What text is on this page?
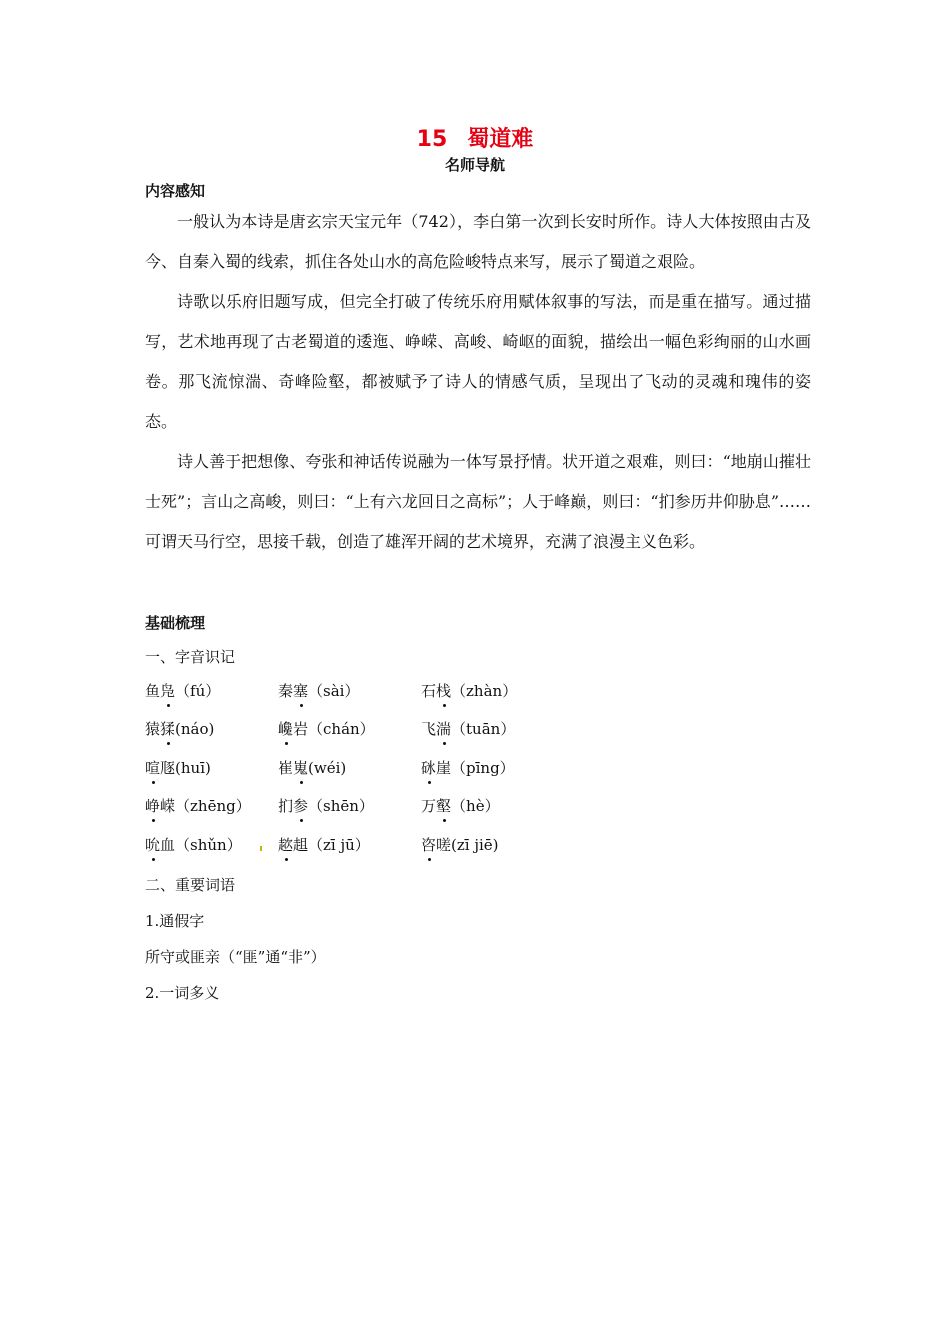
15 蜀道难
名师导航
内容感知

一般认为本诗是唐玄宗天宝元年（742），李白第一次到长安时所作。诗人大体按照由古及今、自秦入蜀的线索，抓住各处山水的高危险峻特点来写，展示了蜀道之艰险。

诗歌以乐府旧题写成，但完全打破了传统乐府用赋体叙事的写法，而是重在描写。通过描写，艺术地再现了古老蜀道的逶迤、峥嵘、高峻、崎岖的面貌，描绘出一幅色彩绚丽的山水画卷。那飞流惊湍、奇峰险壑，都被赋予了诗人的情感气质，呈现出了飞动的灵魂和瑰伟的姿态。

诗人善于把想像、夸张和神话传说融为一体写景抒情。状开道之艰难，则曰：“地崩山摧壮士死”；言山之高峻，则曰：“上有六龙回日之高标”；人于峰巅，则曰：“扪参历井仰胁息”……可谓天马行空，思接千载，创造了雄浑开阔的艺术境界，充满了浪漫主义色彩。

基础梳理
一、字音识记
鱼凫（fú）	秦塞（sài）	石栈（zhàn）
猿猱(náo)	巉岩（chán）	飞湍（tuān）
喧豗(huī)	崔嵬(wéi)	砯崖（pīng）
峥嵘（zhēng） 扪参（shēn）	万壑（hè）
吮血（shǔn） 趑趄（zī jū）	咨嗟(zī jiē)
二、重要词语
1.通假字
所守或匪亲（“匪”通“非”）
2.一词多义
